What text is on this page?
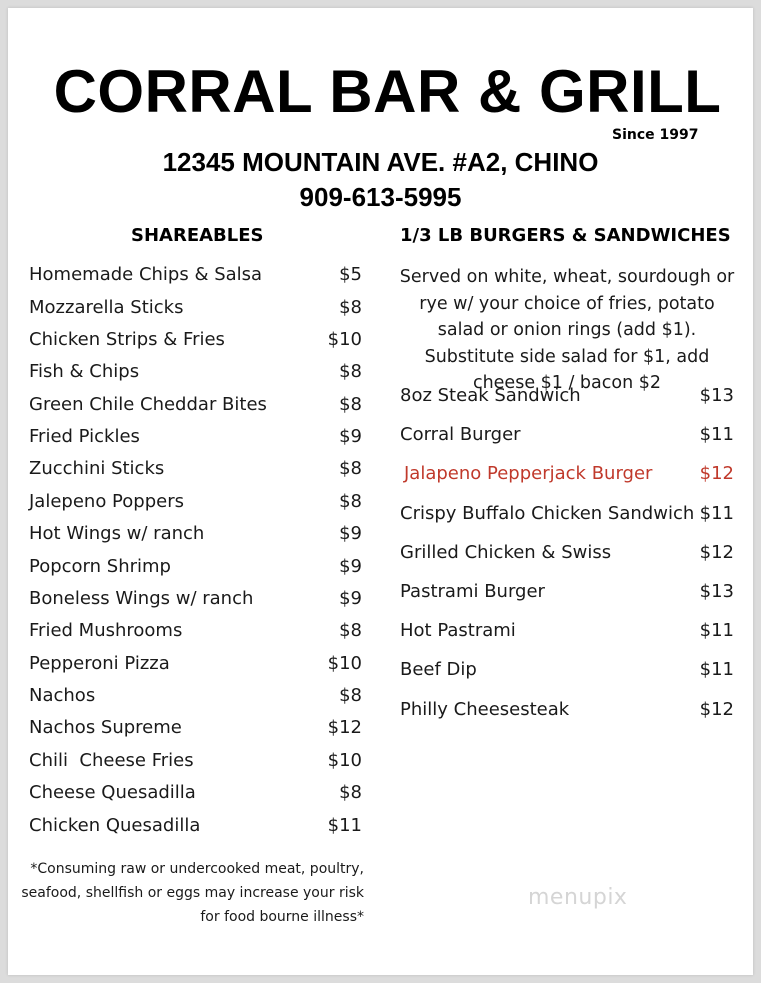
CORRAL BAR & GRILL
Since 1997
12345 MOUNTAIN AVE. #A2, CHINO
909-613-5995
SHAREABLES	1/3 LB BURGERS & SANDWICHES
Homemade Chips & Salsa	$5
Mozzarella Sticks	$8
Chicken Strips & Fries	$10
Fish & Chips	$8
Green Chile Cheddar Bites	$8
Fried Pickles	$9
Zucchini Sticks	$8
Jalepeno Poppers	$8
Hot Wings w/ ranch	$9
Popcorn Shrimp	$9
Boneless Wings w/ ranch	$9
Fried Mushrooms	$8
Pepperoni Pizza	$10
Nachos	$8
Nachos Supreme	$12
Chili  Cheese Fries	$10
Cheese Quesadilla	$8
Chicken Quesadilla	$11
Served on white, wheat, sourdough or rye w/ your choice of fries, potato salad or onion rings (add $1). Substitute side salad for $1, add cheese $1 / bacon $2
8oz Steak Sandwich	$13
Corral Burger	$11
Jalapeno Pepperjack Burger	$12
Crispy Buffalo Chicken Sandwich $11
Grilled Chicken & Swiss	$12
Pastrami Burger	$13
Hot Pastrami	$11
Beef Dip	$11
Philly Cheesesteak	$12
*Consuming raw or undercooked meat, poultry, seafood, shellfish or eggs may increase your risk for food bourne illness*
menupix
